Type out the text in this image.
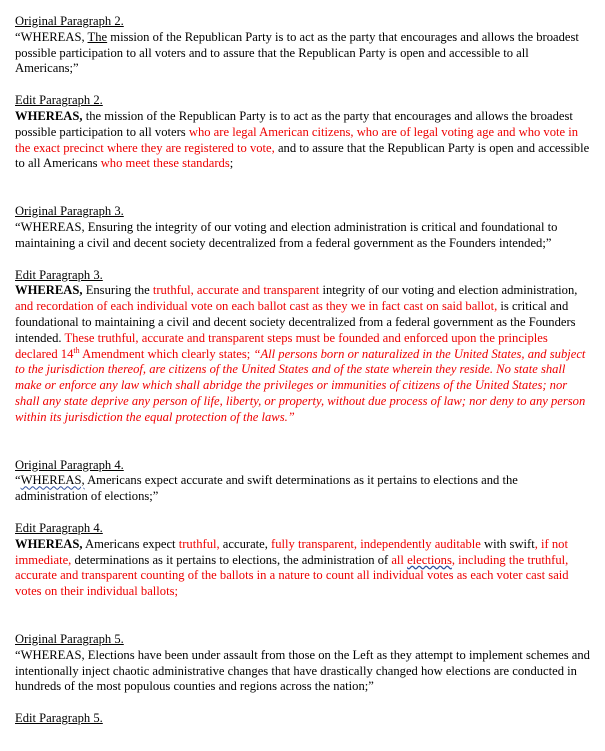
Original Paragraph 2.
“WHEREAS, The mission of the Republican Party is to act as the party that encourages and allows the broadest possible participation to all voters and to assure that the Republican Party is open and accessible to all Americans;”
Edit Paragraph 2.
WHEREAS, the mission of the Republican Party is to act as the party that encourages and allows the broadest possible participation to all voters who are legal American citizens, who are of legal voting age and who vote in the exact precinct where they are registered to vote, and to assure that the Republican Party is open and accessible to all Americans who meet these standards;
Original Paragraph 3.
“WHEREAS, Ensuring the integrity of our voting and election administration is critical and foundational to maintaining a civil and decent society decentralized from a federal government as the Founders intended;”
Edit Paragraph 3.
WHEREAS, Ensuring the truthful, accurate and transparent integrity of our voting and election administration, and recordation of each individual vote on each ballot cast as they we in fact cast on said ballot, is critical and foundational to maintaining a civil and decent society decentralized from a federal government as the Founders intended. These truthful, accurate and transparent steps must be founded and enforced upon the principles declared 14th Amendment which clearly states; “All persons born or naturalized in the United States, and subject to the jurisdiction thereof, are citizens of the United States and of the state wherein they reside. No state shall make or enforce any law which shall abridge the privileges or immunities of citizens of the United States; nor shall any state deprive any person of life, liberty, or property, without due process of law; nor deny to any person within its jurisdiction the equal protection of the laws.”
Original Paragraph 4.
“WHEREAS, Americans expect accurate and swift determinations as it pertains to elections and the administration of elections;”
Edit Paragraph 4.
WHEREAS, Americans expect truthful, accurate, fully transparent, independently auditable with swift, if not immediate, determinations as it pertains to elections, the administration of all elections, including the truthful, accurate and transparent counting of the ballots in a nature to count all individual votes as each voter cast said votes on their individual ballots;
Original Paragraph 5.
“WHEREAS, Elections have been under assault from those on the Left as they attempt to implement schemes and intentionally inject chaotic administrative changes that have drastically changed how elections are conducted in hundreds of the most populous counties and regions across the nation;”
Edit Paragraph 5.
